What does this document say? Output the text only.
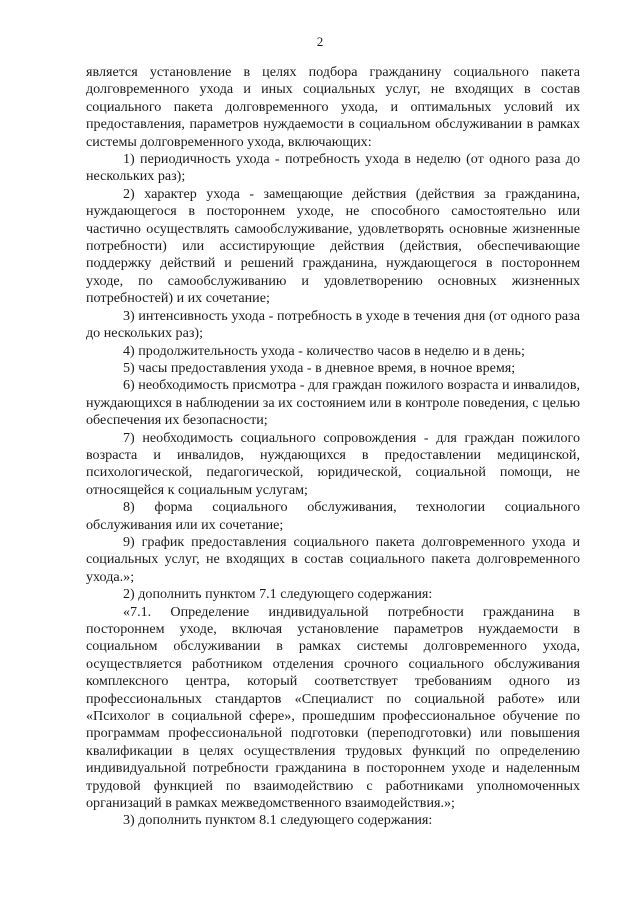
2

является установление в целях подбора гражданину социального пакета долговременного ухода и иных социальных услуг, не входящих в состав социального пакета долговременного ухода, и оптимальных условий их предоставления, параметров нуждаемости в социальном обслуживании в рамках системы долговременного ухода, включающих:

1) периодичность ухода - потребность ухода в неделю (от одного раза до нескольких раз);

2) характер ухода - замещающие действия (действия за гражданина, нуждающегося в постороннем уходе, не способного самостоятельно или частично осуществлять самообслуживание, удовлетворять основные жизненные потребности) или ассистирующие действия (действия, обеспечивающие поддержку действий и решений гражданина, нуждающегося в постороннем уходе, по самообслуживанию и удовлетворению основных жизненных потребностей) и их сочетание;

3) интенсивность ухода - потребность в уходе в течения дня (от одного раза до нескольких раз);

4) продолжительность ухода - количество часов в неделю и в день;

5) часы предоставления ухода - в дневное время, в ночное время;

6) необходимость присмотра - для граждан пожилого возраста и инвалидов, нуждающихся в наблюдении за их состоянием или в контроле поведения, с целью обеспечения их безопасности;

7) необходимость социального сопровождения - для граждан пожилого возраста и инвалидов, нуждающихся в предоставлении медицинской, психологической, педагогической, юридической, социальной помощи, не относящейся к социальным услугам;

8) форма социального обслуживания, технологии социального обслуживания или их сочетание;

9) график предоставления социального пакета долговременного ухода и социальных услуг, не входящих в состав социального пакета долговременного ухода.»;

2) дополнить пунктом 7.1 следующего содержания:

«7.1. Определение индивидуальной потребности гражданина в постороннем уходе, включая установление параметров нуждаемости в социальном обслуживании в рамках системы долговременного ухода, осуществляется работником отделения срочного социального обслуживания комплексного центра, который соответствует требованиям одного из профессиональных стандартов «Специалист по социальной работе» или «Психолог в социальной сфере», прошедшим профессиональное обучение по программам профессиональной подготовки (переподготовки) или повышения квалификации в целях осуществления трудовых функций по определению индивидуальной потребности гражданина в постороннем уходе и наделенным трудовой функцией по взаимодействию с работниками уполномоченных организаций в рамках межведомственного взаимодействия.»;

3) дополнить пунктом 8.1 следующего содержания:
